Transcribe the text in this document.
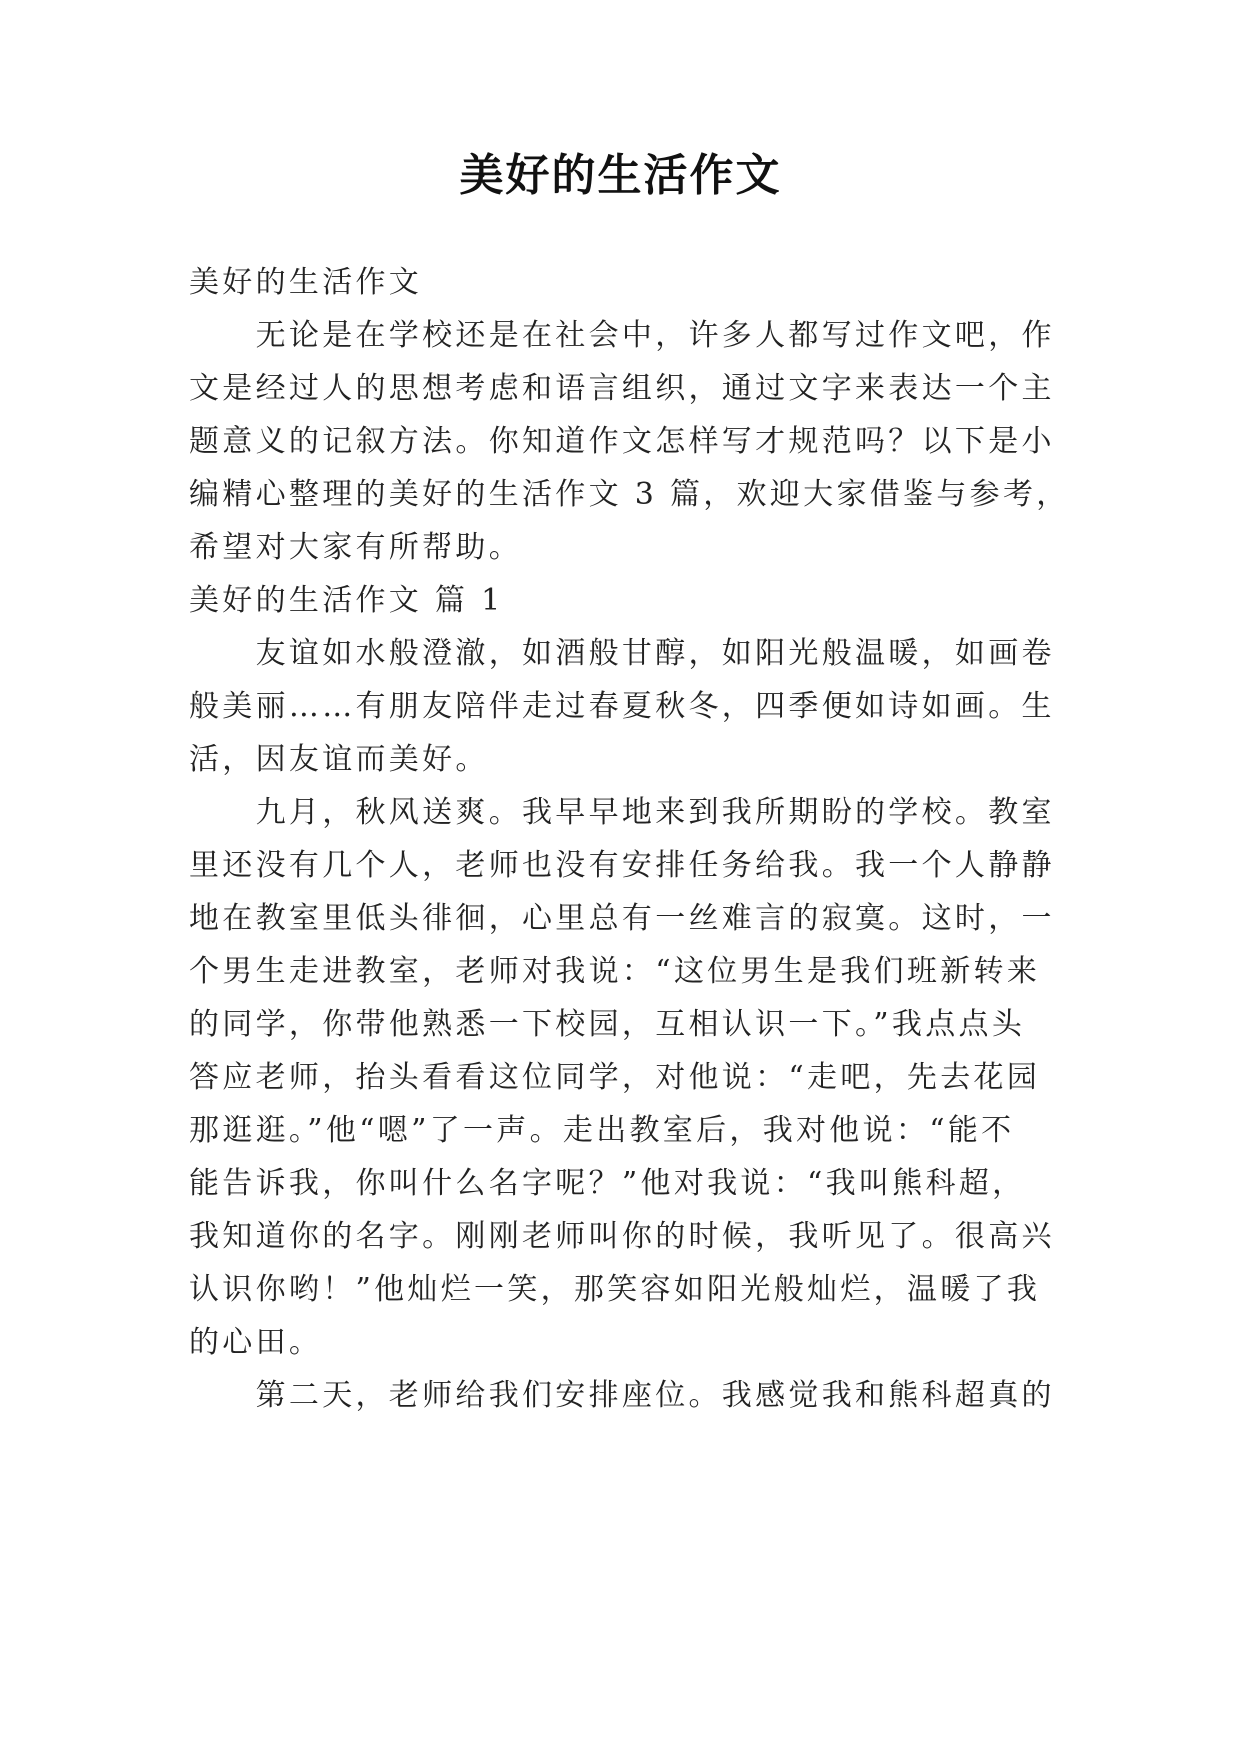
美好的生活作文
美好的生活作文
　　无论是在学校还是在社会中，许多人都写过作文吧，作
文是经过人的思想考虑和语言组织，通过文字来表达一个主
题意义的记叙方法。你知道作文怎样写才规范吗？以下是小
编精心整理的美好的生活作文 3 篇，欢迎大家借鉴与参考，
希望对大家有所帮助。
美好的生活作文 篇 1
　　友谊如水般澄澈，如酒般甘醇，如阳光般温暖，如画卷
般美丽……有朋友陪伴走过春夏秋冬，四季便如诗如画。生
活，因友谊而美好。
　　九月，秋风送爽。我早早地来到我所期盼的学校。教室
里还没有几个人，老师也没有安排任务给我。我一个人静静
地在教室里低头徘徊，心里总有一丝难言的寂寞。这时，一
个男生走进教室，老师对我说：“这位男生是我们班新转来
的同学，你带他熟悉一下校园，互相认识一下。”我点点头
答应老师，抬头看看这位同学，对他说：“走吧，先去花园
那逛逛。”他“嗯”了一声。走出教室后，我对他说：“能不
能告诉我，你叫什么名字呢？”他对我说：“我叫熊科超，
我知道你的名字。刚刚老师叫你的时候，我听见了。很高兴
认识你哟！”他灿烂一笑，那笑容如阳光般灿烂，温暖了我
的心田。
　　第二天，老师给我们安排座位。我感觉我和熊科超真的
